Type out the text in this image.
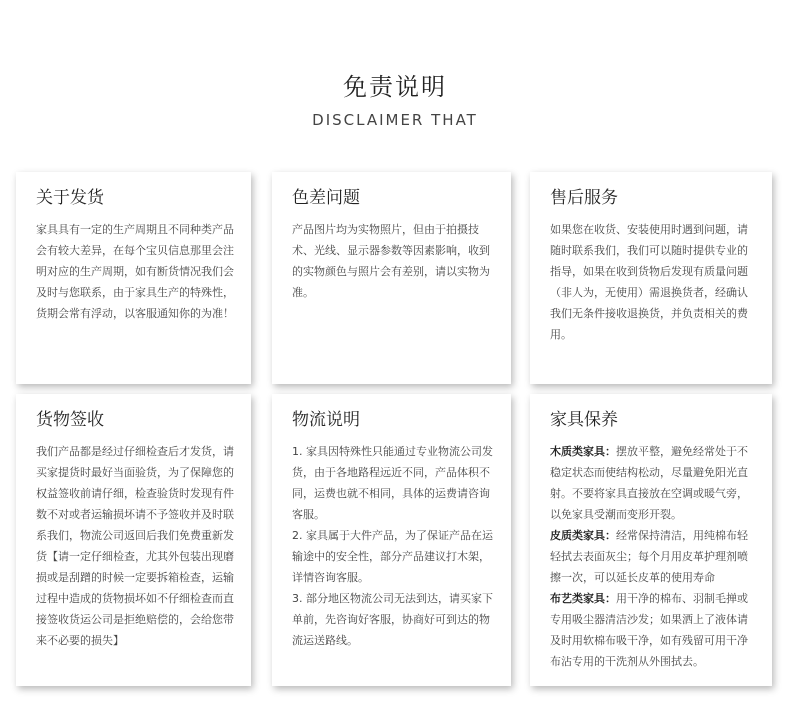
免责说明
DISCLAIMER THAT
关于发货

家具具有一定的生产周期且不同种类产品会有较大差异，在每个宝贝信息那里会注明对应的生产周期，如有断货情况我们会及时与您联系，由于家具生产的特殊性，货期会常有浮动，以客服通知你的为准！

色差问题

产品图片均为实物照片，但由于拍摄技术、光线、显示器参数等因素影响，收到的实物颜色与照片会有差别，请以实物为准。

售后服务

如果您在收货、安装使用时遇到问题，请随时联系我们，我们可以随时提供专业的指导，如果在收到货物后发现有质量问题（非人为，无使用）需退换货者，经确认我们无条件接收退换货，并负责相关的费用。

货物签收

我们产品都是经过仔细检查后才发货，请买家提货时最好当面验货，为了保障您的权益签收前请仔细，检查验货时发现有件数不对或者运输损坏请不予签收并及时联系我们，物流公司返回后我们免费重新发货【请一定仔细检查，尤其外包装出现磨损或是刮蹭的时候一定要拆箱检查，运输过程中造成的货物损坏如不仔细检查而直接签收货运公司是拒绝赔偿的，会给您带来不必要的损失】

物流说明

1. 家具因特殊性只能通过专业物流公司发货，由于各地路程远近不同，产品体积不同，运费也就不相同，具体的运费请咨询客服。

2. 家具属于大件产品，为了保证产品在运输途中的安全性，部分产品建议打木架，详情咨询客服。

3. 部分地区物流公司无法到达，请买家下单前，先咨询好客服，协商好可到达的物流运送路线。

家具保养

木质类家具：摆放平整，避免经常处于不稳定状态而使结构松动，尽量避免阳光直射。不要将家具直接放在空调或暖气旁，以免家具受潮而变形开裂。

皮质类家具：经常保持清洁，用纯棉布轻轻拭去表面灰尘；每个月用皮革护理剂喷擦一次，可以延长皮革的使用寿命

布艺类家具：用干净的棉布、羽制毛掸或专用吸尘器清洁沙发；如果洒上了液体请及时用软棉布吸干净，如有残留可用干净布沾专用的干洗剂从外围拭去。
